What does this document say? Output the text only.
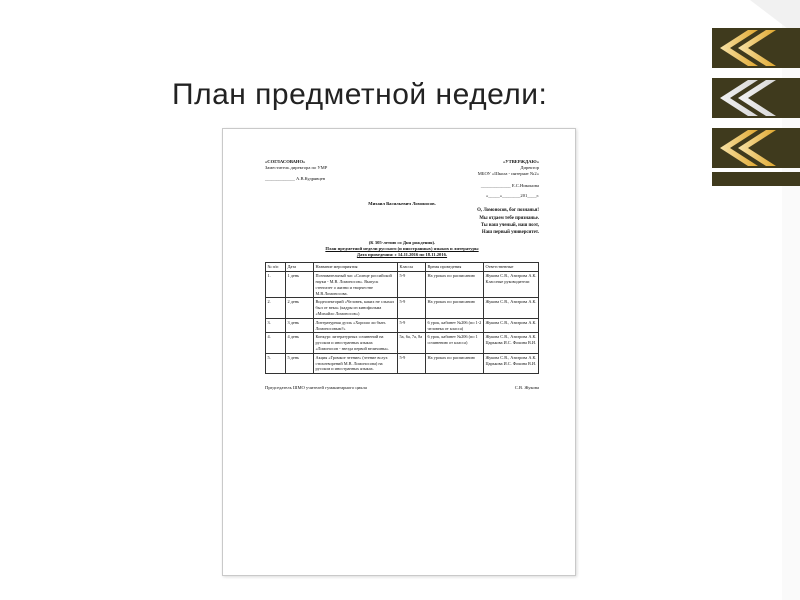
План предметной недели:
«СОГЛАСОВАНО»
Заместитель директора по УМР
_____________ А.В.Кудрявцев
«УТВЕРЖДАЮ»
Директор
МБОУ «Школа - интернат №2»
_____________ Е.С.Никонова
«_____»________201____г.
Михаил Васильевич Ломоносов.
О, Ломоносов, бог познанья!
Мы отдаем тебе признанье.
Ты наш ученый, наш поэт,
Наш первый университет.
(К 305-летию со Дня рождения).
План предметной недели русского (и иностранных) языков и литературы
Дата проведения: с 14.11.2016 по 18.11.2016.
№ п/п	Дата	Название мероприятия	Классы	Время проведения	Ответственные
1.	1 день	Познавательный час «Солнце российской науки - М.В. Ломоносов». Выпуск стенгазет о жизни и творчестве М.В.Ломоносова.	5-9	На уроках по расписанию	Жукова С.В., Азизрова А.К. Классные руководители
2.	2 день	Видеолекторий «Человек, каких не слыхал был от века» (кадры из кинофильма «Михайло Ломоносов»)	5-9	На уроках по расписанию	Жукова С.В., Азизрова А.К.
3.	3 день	Литературная дуэль «Хорошо ли быть Ломоносовым?»	5-9	6 урок, кабинет №206 (по 1-2 человека от класса)	Жукова С.В., Азизрова А.К.
4.	4 день	Конкурс литературных сочинений на русском и иностранных языках «Ломоносов - звезда первой величины».	5а, 6а, 7а, 8а	6 урок, кабинет №206 (по 1 сочинению от класса)	Жукова С.В., Азизрова А.К. Царькова И.С. Фокина В.И.
5.	5 день	Акция «Громкое чтение» (чтение вслух стихотворений М.В. Ломоносова) на русском и иностранных языках.	5-9	На уроках по расписанию	Жукова С.В., Азизрова А.К. Царькова И.С. Фокина В.И.
Председатель ШМО учителей гуманитарного цикла	С.В. Жукова
